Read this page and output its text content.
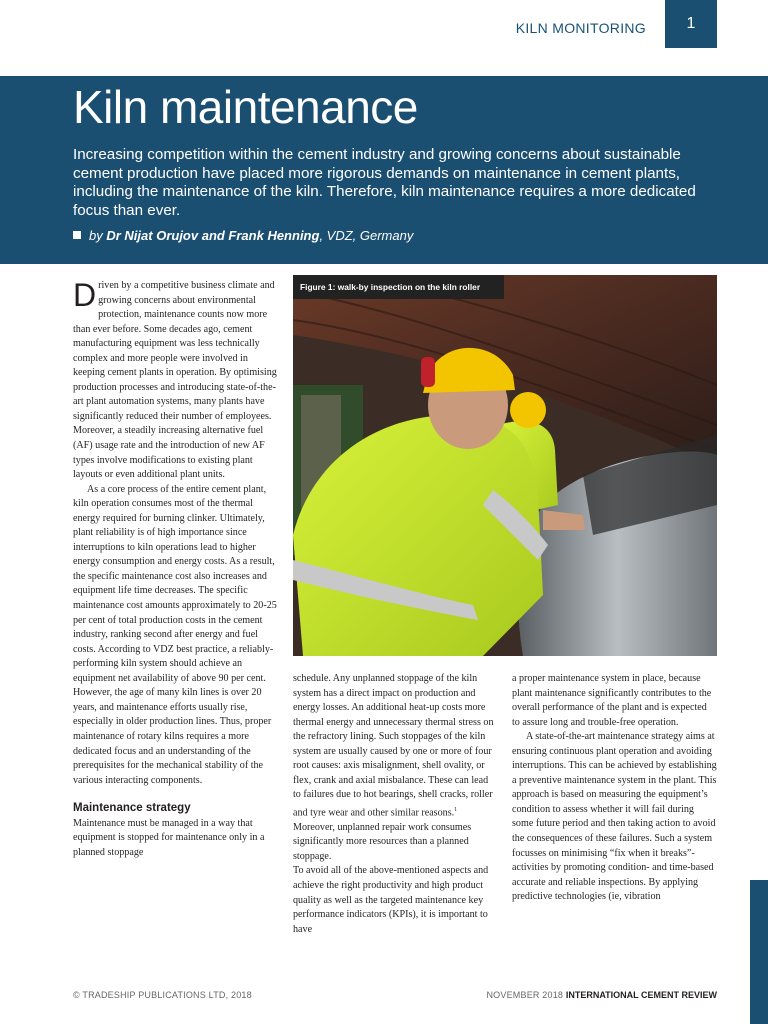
KILN MONITORING	1
Kiln maintenance

Increasing competition within the cement industry and growing concerns about sustainable cement production have placed more rigorous demands on maintenance in cement plants, including the maintenance of the kiln. Therefore, kiln maintenance requires a more dedicated focus than ever.

by Dr Nijat Orujov and Frank Henning, VDZ, Germany

Driven by a competitive business climate and growing concerns about environmental protection, maintenance counts now more than ever before. Some decades ago, cement manufacturing equipment was less technically complex and more people were involved in keeping cement plants in operation. By optimising production processes and introducing state-of-the-art plant automation systems, many plants have significantly reduced their number of employees. Moreover, a steadily increasing alternative fuel (AF) usage rate and the introduction of new AF types involve modifications to existing plant layouts or even additional plant units.

As a core process of the entire cement plant, kiln operation consumes most of the thermal energy required for burning clinker. Ultimately, plant reliability is of high importance since interruptions to kiln operations lead to higher energy consumption and energy costs. As a result, the specific maintenance cost also increases and equipment life time decreases. The specific maintenance cost amounts approximately to 20-25 per cent of total production costs in the cement industry, ranking second after energy and fuel costs. According to VDZ best practice, a reliably-performing kiln system should achieve an equipment net availability of above 90 per cent. However, the age of many kiln lines is over 20 years, and maintenance efforts usually rise, especially in older production lines. Thus, proper maintenance of rotary kilns requires a more dedicated focus and an understanding of the prerequisites for the mechanical stability of the various interacting components.

Maintenance strategy

Maintenance must be managed in a way that equipment is stopped for maintenance only in a planned stoppage

Figure 1: walk-by inspection on the kiln roller

schedule. Any unplanned stoppage of the kiln system has a direct impact on production and energy losses. An additional heat-up costs more thermal energy and unnecessary thermal stress on the refractory lining. Such stoppages of the kiln system are usually caused by one or more of four root causes: axis misalignment, shell ovality, or flex, crank and axial misbalance. These can lead to failures due to hot bearings, shell cracks, roller and tyre wear and other similar reasons.$^1$ Moreover, unplanned repair work consumes significantly more resources than a planned stoppage.

To avoid all of the above-mentioned aspects and achieve the right productivity and high product quality as well as the targeted maintenance key performance indicators (KPIs), it is important to have

a proper maintenance system in place, because plant maintenance significantly contributes to the overall performance of the plant and is expected to assure long and trouble-free operation.

A state-of-the-art maintenance strategy aims at ensuring continuous plant operation and avoiding interruptions. This can be achieved by establishing a preventive maintenance system in the plant. This approach is based on measuring the equipment’s condition to assess whether it will fail during some future period and then taking action to avoid the consequences of these failures. Such a system focusses on minimising “fix when it breaks”-activities by promoting condition- and time-based accurate and reliable inspections. By applying predictive technologies (ie, vibration

© TRADESHIP PUBLICATIONS LTD, 2018	NOVEMBER 2018 INTERNATIONAL CEMENT REVIEW
